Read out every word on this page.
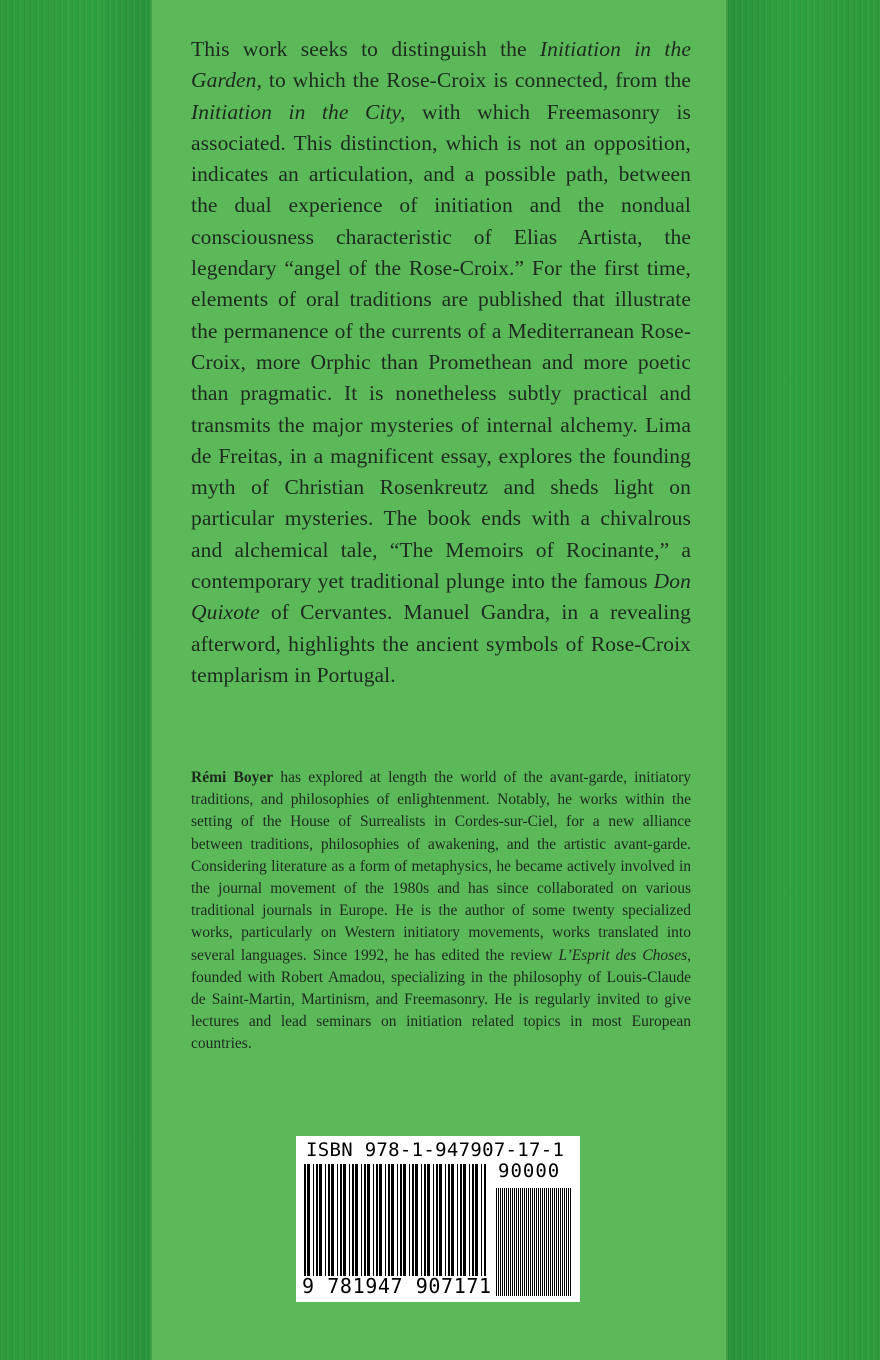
This work seeks to distinguish the Initiation in the Garden, to which the Rose-Croix is connected, from the Initiation in the City, with which Freemasonry is associated. This distinction, which is not an opposition, indicates an articulation, and a possible path, between the dual experience of initiation and the nondual consciousness characteristic of Elias Artista, the legendary “angel of the Rose-Croix.” For the first time, elements of oral traditions are published that illustrate the permanence of the currents of a Mediterranean Rose-Croix, more Orphic than Promethean and more poetic than pragmatic. It is nonetheless subtly practical and transmits the major mysteries of internal alchemy. Lima de Freitas, in a magnificent essay, explores the founding myth of Christian Rosenkreutz and sheds light on particular mysteries. The book ends with a chivalrous and alchemical tale, “The Memoirs of Rocinante,” a contemporary yet traditional plunge into the famous Don Quixote of Cervantes. Manuel Gandra, in a revealing afterword, highlights the ancient symbols of Rose-Croix templarism in Portugal.

Rémi Boyer has explored at length the world of the avant-garde, initiatory traditions, and philosophies of enlightenment. Notably, he works within the setting of the House of Surrealists in Cordes-sur-Ciel, for a new alliance between traditions, philosophies of awakening, and the artistic avant-garde. Considering literature as a form of metaphysics, he became actively involved in the journal movement of the 1980s and has since collaborated on various traditional journals in Europe. He is the author of some twenty specialized works, particularly on Western initiatory movements, works translated into several languages. Since 1992, he has edited the review L’Esprit des Choses, founded with Robert Amadou, specializing in the philosophy of Louis-Claude de Saint-Martin, Martinism, and Freemasonry. He is regularly invited to give lectures and lead seminars on initiation related topics in most European countries.

ISBN 978-1-947907-17-1
90000
9 781947 907171
